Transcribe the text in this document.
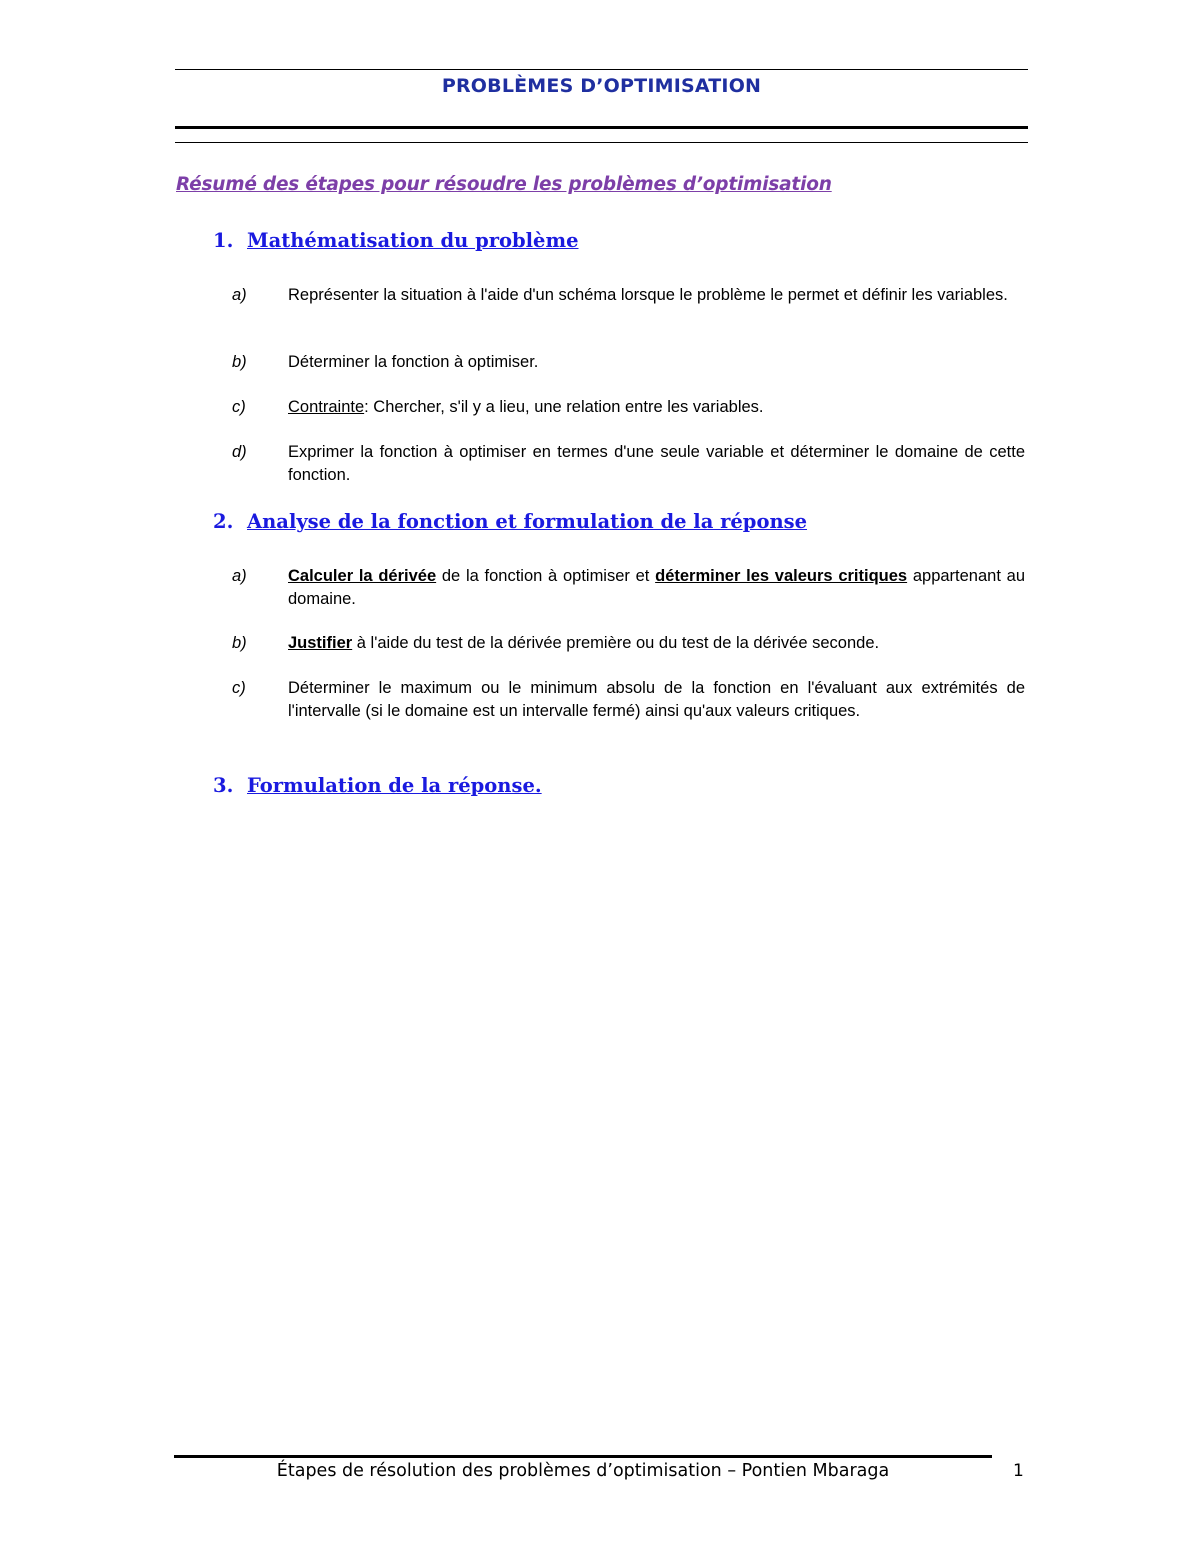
PROBLÈMES D’OPTIMISATION
Résumé des étapes pour résoudre les problèmes d’optimisation
1. Mathématisation du problème
a)	Représenter la situation à l'aide d'un schéma lorsque le problème le permet et définir les variables.
b)	Déterminer la fonction à optimiser.
c)	Contrainte: Chercher, s'il y a lieu, une relation entre les variables.
d)	Exprimer la fonction à optimiser en termes d'une seule variable et déterminer le domaine de cette fonction.
2. Analyse de la fonction et formulation de la réponse
a)	Calculer la dérivée de la fonction à optimiser et déterminer les valeurs critiques appartenant au domaine.
b)	Justifier à l'aide du test de la dérivée première ou du test de la dérivée seconde.
c)	Déterminer le maximum ou le minimum absolu de la fonction en l'évaluant aux extrémités de l'intervalle (si le domaine est un intervalle fermé) ainsi qu'aux valeurs critiques.
3. Formulation de la réponse.
Étapes de résolution des problèmes d’optimisation – Pontien Mbaraga	1
